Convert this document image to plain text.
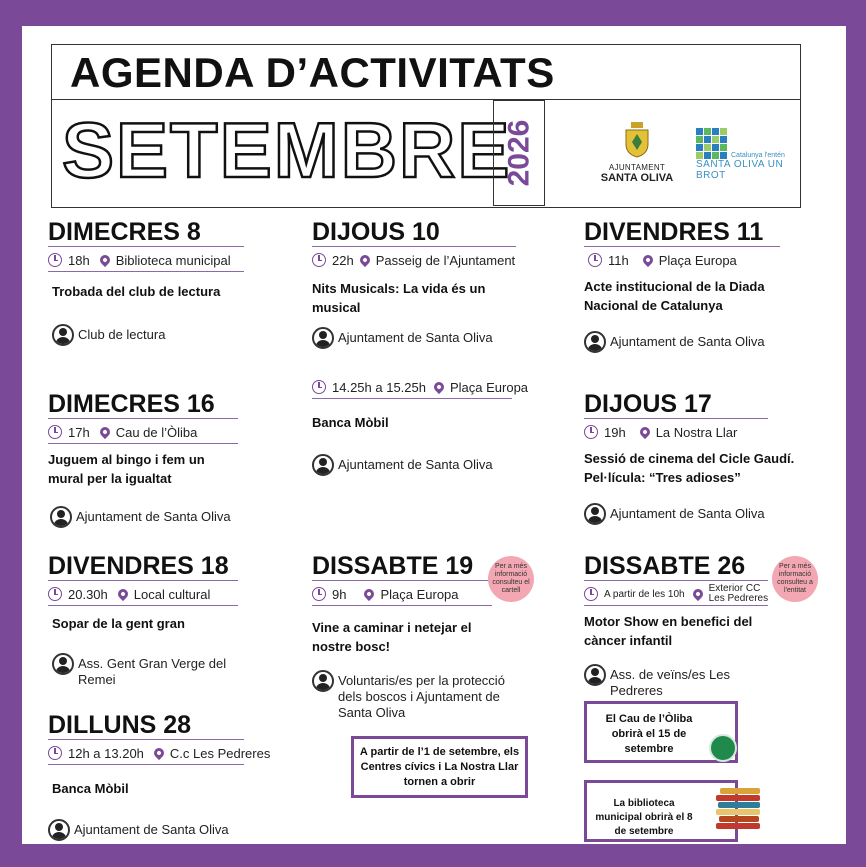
AGENDA D’ACTIVITATS
SETEMBRE
2026	AJUNTAMENT
SANTA OLIVA
Catalunya l'entén
SANTA OLIVA UN BROT
DIMECRES 8
18h Biblioteca municipal
Trobada del club de lectura
Club de lectura
DIMECRES 16
17h Cau de l’Òliba
Juguem al bingo i fem un mural per la igualtat
Ajuntament de Santa Oliva
DIVENDRES 18
20.30h Local cultural
Sopar de la gent gran
Ass. Gent Gran Verge del Remei
DILLUNS 28
12h a 13.20h C.c Les Pedreres
Banca Mòbil
Ajuntament de Santa Oliva
DIJOUS 10
22h Passeig de l’Ajuntament
Nits Musicals: La vida és un musical
Ajuntament de Santa Oliva
14.25h a 15.25h Plaça Europa
Banca Mòbil
Ajuntament de Santa Oliva
DISSABTE 19
9h	Plaça Europa
Vine a caminar i netejar el nostre bosc!
Voluntaris/es per la protecció dels boscos i Ajuntament de Santa Oliva
Per a més informació consulteu el cartell
A partir de l’1 de setembre, els Centres cívics i La Nostra Llar tornen a obrir
DIVENDRES 11
11h Plaça Europa
Acte institucional de la Diada Nacional de Catalunya
Ajuntament de Santa Oliva
DIJOUS 17
19h La Nostra Llar
Sessió de cinema del Cicle Gaudí. Pel·lícula: “Tres adioses”
Ajuntament de Santa Oliva
DISSABTE 26
A partir de les 10h Exterior CC Les Pedreres
Motor Show en benefici del càncer infantil
Ass. de veïns/es Les Pedreres
Per a més informació consulteu a l'entitat
El Cau de l’Òliba obrirà el 15 de setembre
La biblioteca municipal obrirà el 8 de setembre
